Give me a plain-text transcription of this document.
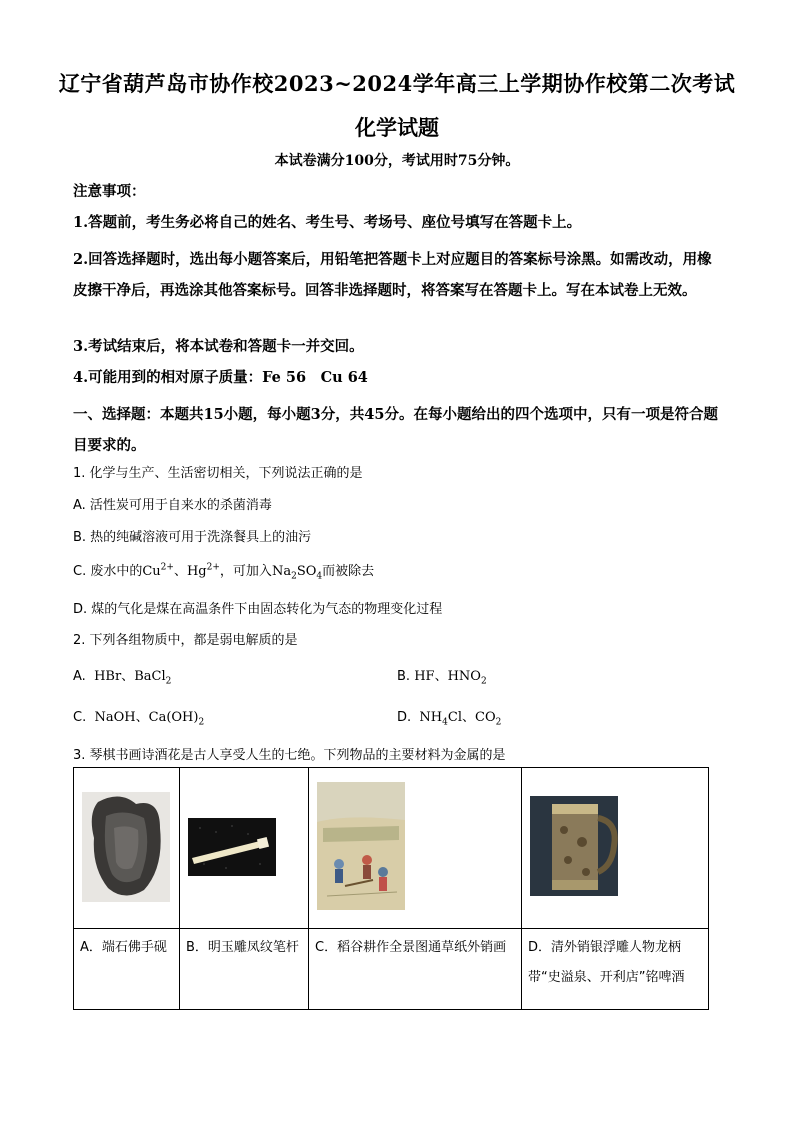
辽宁省葫芦岛市协作校2023~2024学年高三上学期协作校第二次考试
化学试题
本试卷满分100分，考试用时75分钟。
注意事项：
1.答题前，考生务必将自己的姓名、考生号、考场号、座位号填写在答题卡上。
2.回答选择题时，选出每小题答案后，用铅笔把答题卡上对应题目的答案标号涂黑。如需改动，用橡皮擦干净后，再选涂其他答案标号。回答非选择题时，将答案写在答题卡上。写在本试卷上无效。
3.考试结束后，将本试卷和答题卡一并交回。
4.可能用到的相对原子质量：Fe 56　Cu 64
一、选择题：本题共15小题，每小题3分，共45分。在每小题给出的四个选项中，只有一项是符合题目要求的。
1. 化学与生产、生活密切相关，下列说法正确的是
A. 活性炭可用于自来水的杀菌消毒
B. 热的纯碱溶液可用于洗涤餐具上的油污
C. 废水中的$Cu^{2+}$、$Hg^{2+}$，可加入$Na_2SO_4$而被除去
D. 煤的气化是煤在高温条件下由固态转化为气态的物理变化过程
2. 下列各组物质中，都是弱电解质的是
A. HBr、BaCl$_2$	B. HF、$HNO_2$
C. NaOH、$Ca(OH)_2$	D. $NH_4Cl$、$CO_2$
3. 琴棋书画诗酒花是古人享受人生的七绝。下列物品的主要材料为金属的是

A．端石佛手砚	B．明玉雕凤纹笔杆	C．稻谷耕作全景图通草纸外销画	D．清外销银浮雕人物龙柄带“史溢泉、开利店”铭啤酒
